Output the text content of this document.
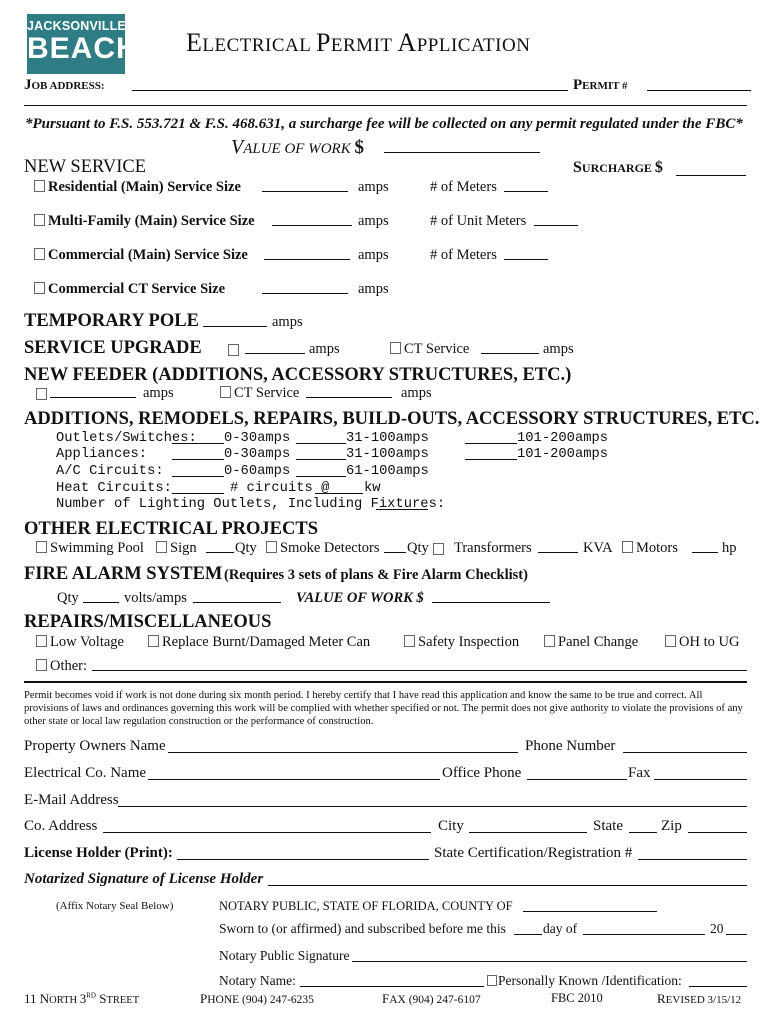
JACKSONVILLE
BEACH ELECTRICAL PERMIT APPLICATION
JOB ADDRESS:	PERMIT #
*Pursuant to F.S. 553.721 & F.S. 468.631, a surcharge fee will be collected on any permit regulated under the FBC*
VALUE OF WORK $
NEW SERVICE	SURCHARGE $
Residential (Main) Service Size	amps	# of Meters
Multi-Family (Main) Service Size	amps	# of Unit Meters
Commercial (Main) Service Size	amps	# of Meters
Commercial CT Service Size	amps
TEMPORARY POLE	amps
SERVICE UPGRADE	amps	CT Service	amps
NEW FEEDER (ADDITIONS, ACCESSORY STRUCTURES, ETC.)
amps	CT Service	amps
ADDITIONS, REMODELS, REPAIRS, BUILD-OUTS, ACCESSORY STRUCTURES, ETC.
Outlets/Switches: 0-30amps	31-100amps	101-200amps
Appliances:	0-30amps	31-100amps	101-200amps
A/C Circuits:	0-60amps	61-100amps
Heat Circuits:	# circuits @	kw
Number of Lighting Outlets, Including Fixtures:
OTHER ELECTRICAL PROJECTS
Swimming Pool	Sign	Qty	Smoke Detectors Qty Transformers	KVA	Motors	hp
FIRE ALARM SYSTEM (Requires 3 sets of plans & Fire Alarm Checklist)
Qty	volts/amps	VALUE OF WORK $
REPAIRS/MISCELLANEOUS
Low Voltage	Replace Burnt/Damaged Meter Can	Safety Inspection	Panel Change	OH to UG
Other:
Permit becomes void if work is not done during six month period. I hereby certify that I have read this application and know the same to be true and correct. All provisions of laws and ordinances governing this work will be complied with whether specified or not. The permit does not give authority to violate the provisions of any other state or local law regulation construction or the performance of construction.
Property Owners Name	Phone Number
Electrical Co. Name	Office Phone	Fax
E-Mail Address
Co. Address	City	State	Zip
License Holder (Print):	State Certification/Registration #
Notarized Signature of License Holder
(Affix Notary Seal Below)	NOTARY PUBLIC, STATE OF FLORIDA, COUNTY OF
Sworn to (or affirmed) and subscribed before me this	day of	20
Notary Public Signature
Notary Name:	Personally Known /Identification:
11 NORTH 3RD STREET	PHONE (904) 247-6235	FAX (904) 247-6107	FBC 2010	REVISED 3/15/12
